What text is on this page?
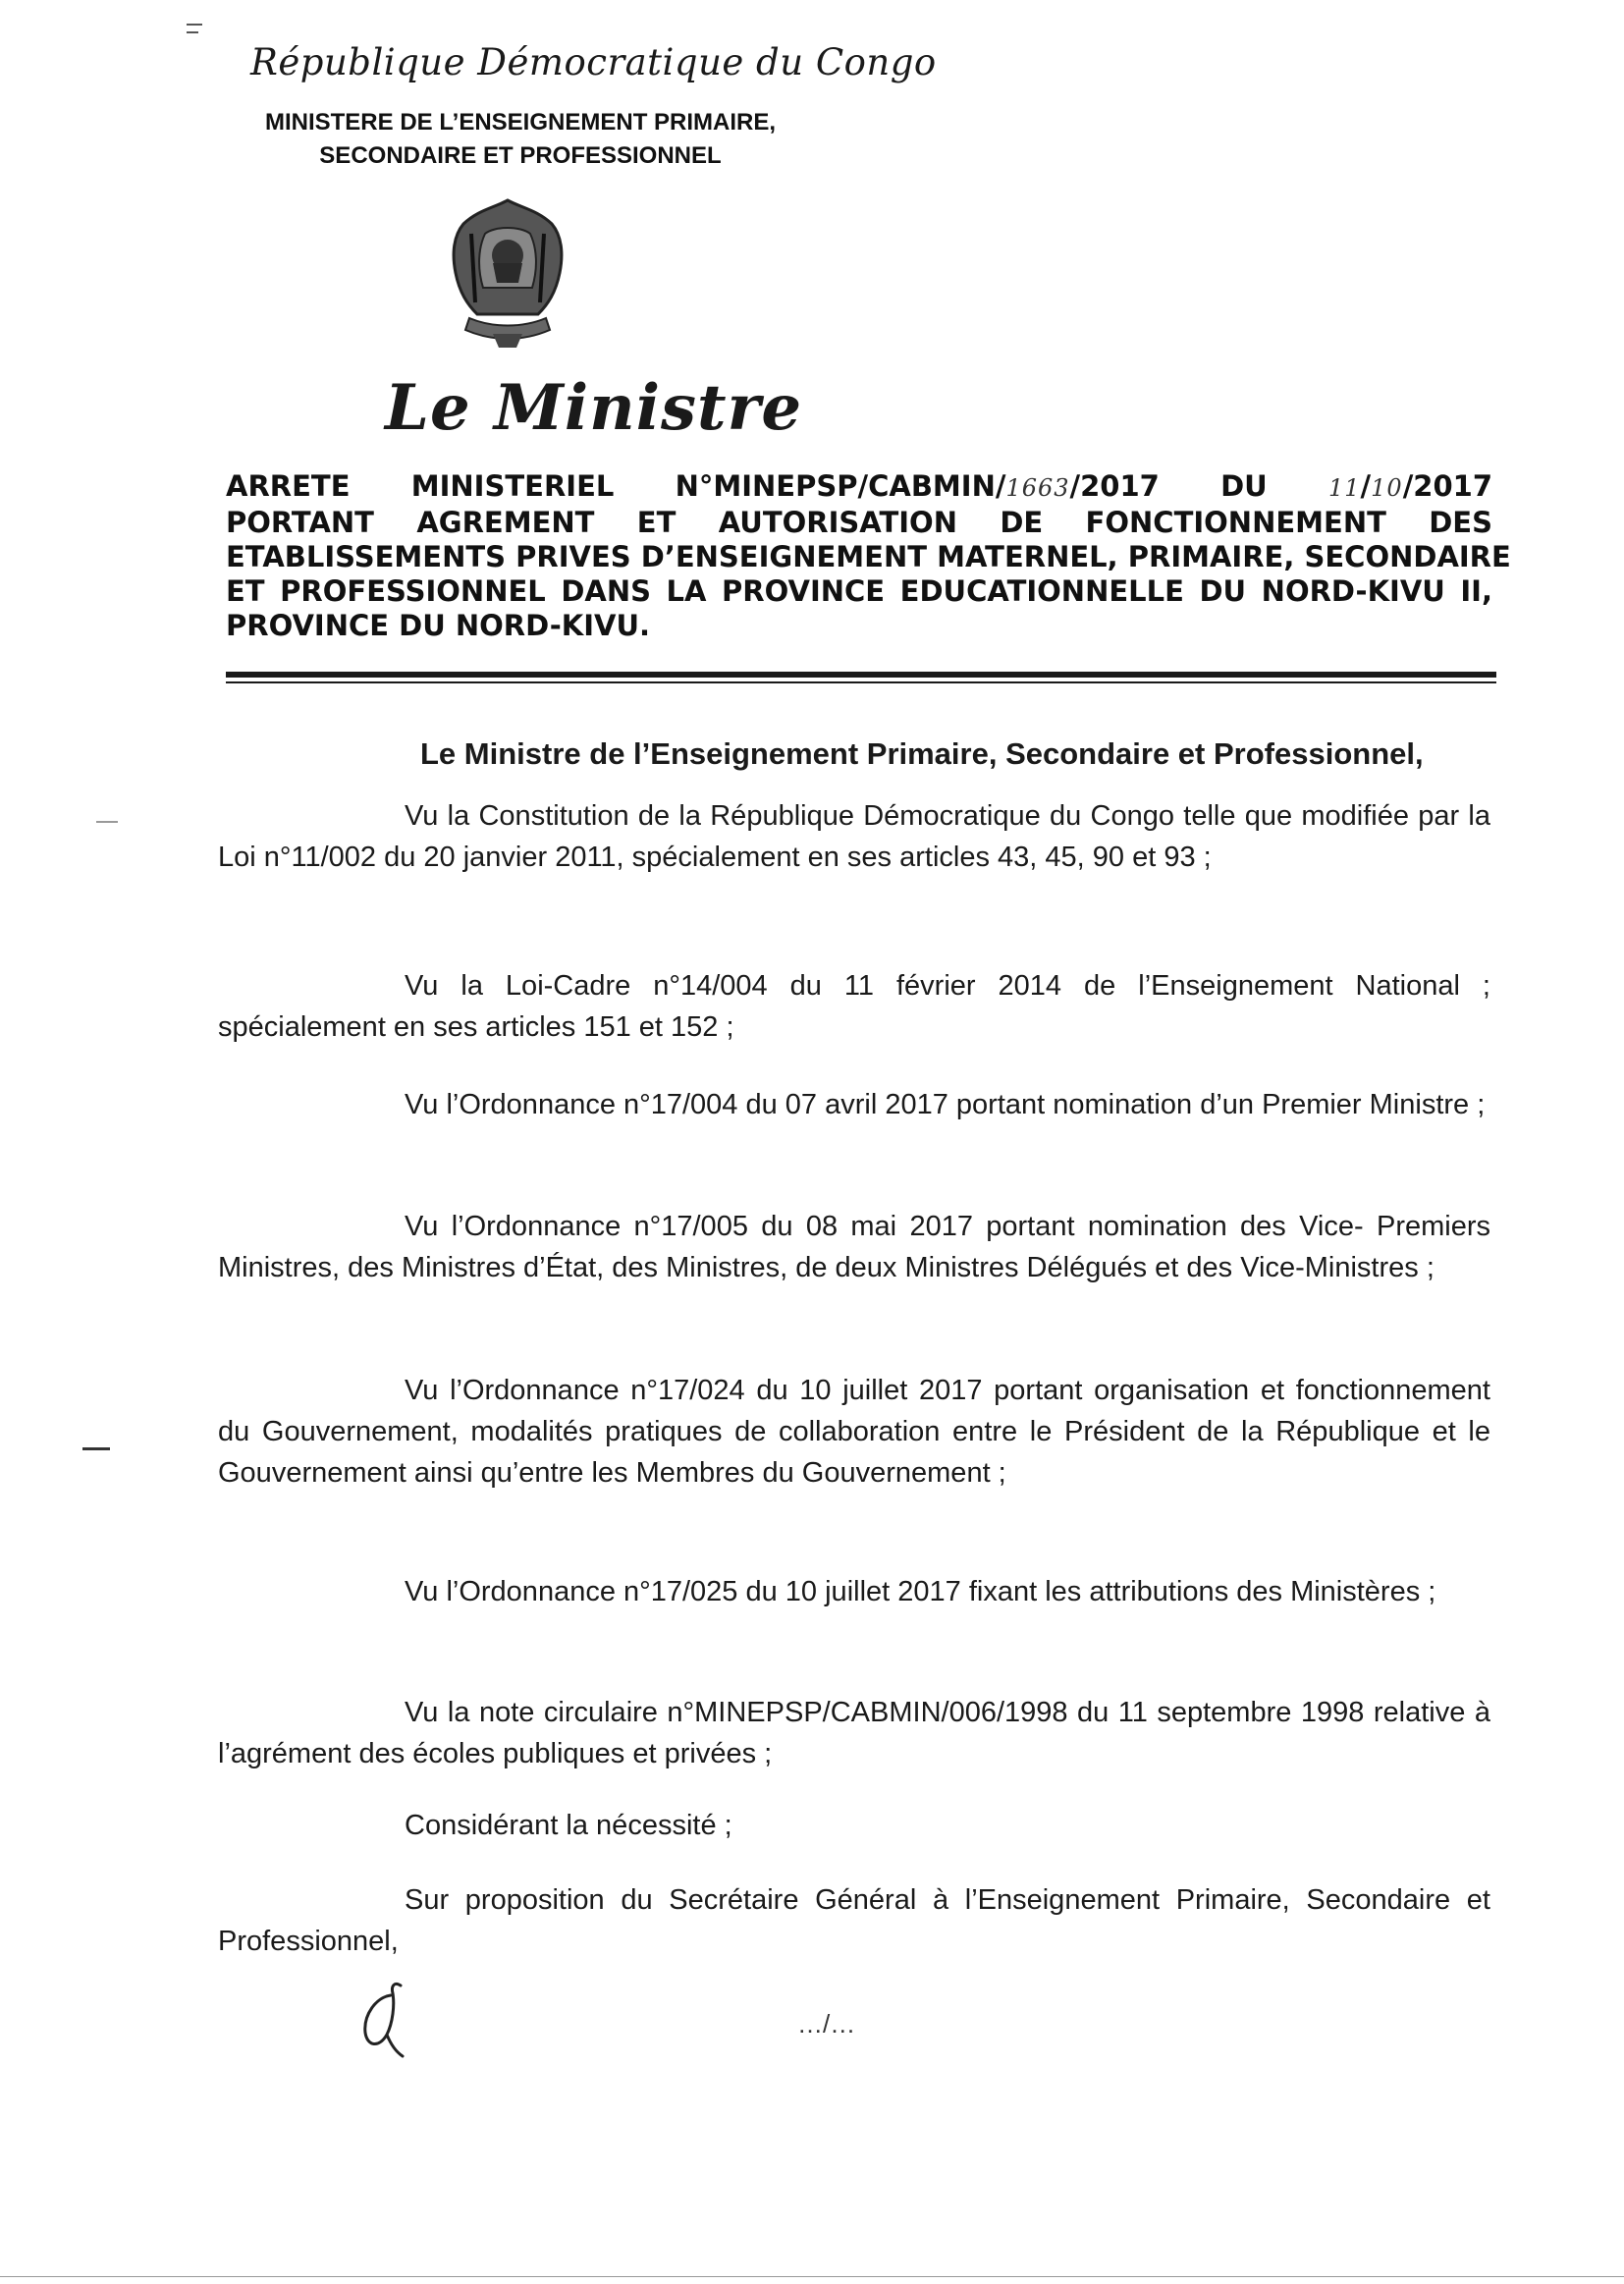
République Démocratique du Congo
MINISTERE DE L’ENSEIGNEMENT PRIMAIRE,
SECONDAIRE ET PROFESSIONNEL
Le Ministre
ARRETE MINISTERIEL N°MINEPSP/CABMIN/1663/2017 DU	11/10/2017
PORTANT AGREMENT ET AUTORISATION DE FONCTIONNEMENT DES
ETABLISSEMENTS PRIVES D’ENSEIGNEMENT MATERNEL, PRIMAIRE, SECONDAIRE
ET PROFESSIONNEL DANS LA PROVINCE EDUCATIONNELLE DU NORD-KIVU II,
PROVINCE DU NORD-KIVU.
Le Ministre de l’Enseignement Primaire, Secondaire et Professionnel,
Vu la Constitution de la République Démocratique du Congo telle que modifiée par la Loi n°11/002 du 20 janvier 2011, spécialement en ses articles 43, 45, 90 et 93 ;
Vu la Loi-Cadre n°14/004 du 11 février 2014 de l’Enseignement National ; spécialement en ses articles 151 et 152 ;
Vu l’Ordonnance n°17/004 du 07 avril 2017 portant nomination d’un Premier Ministre ;
Vu l’Ordonnance n°17/005 du 08 mai 2017 portant nomination des Vice- Premiers Ministres, des Ministres d’État, des Ministres, de deux Ministres Délégués et des Vice-Ministres ;
Vu l’Ordonnance n°17/024 du 10 juillet 2017 portant organisation et fonctionnement du Gouvernement, modalités pratiques de collaboration entre le Président de la République et le Gouvernement ainsi qu’entre les Membres du Gouvernement ;
Vu l’Ordonnance n°17/025 du 10 juillet 2017 fixant les attributions des Ministères ;
Vu la note circulaire n°MINEPSP/CABMIN/006/1998 du 11 septembre 1998 relative à l’agrément des écoles publiques et privées ;
Considérant la nécessité ;
Sur proposition du Secrétaire Général à l’Enseignement Primaire, Secondaire et Professionnel,
…/…
